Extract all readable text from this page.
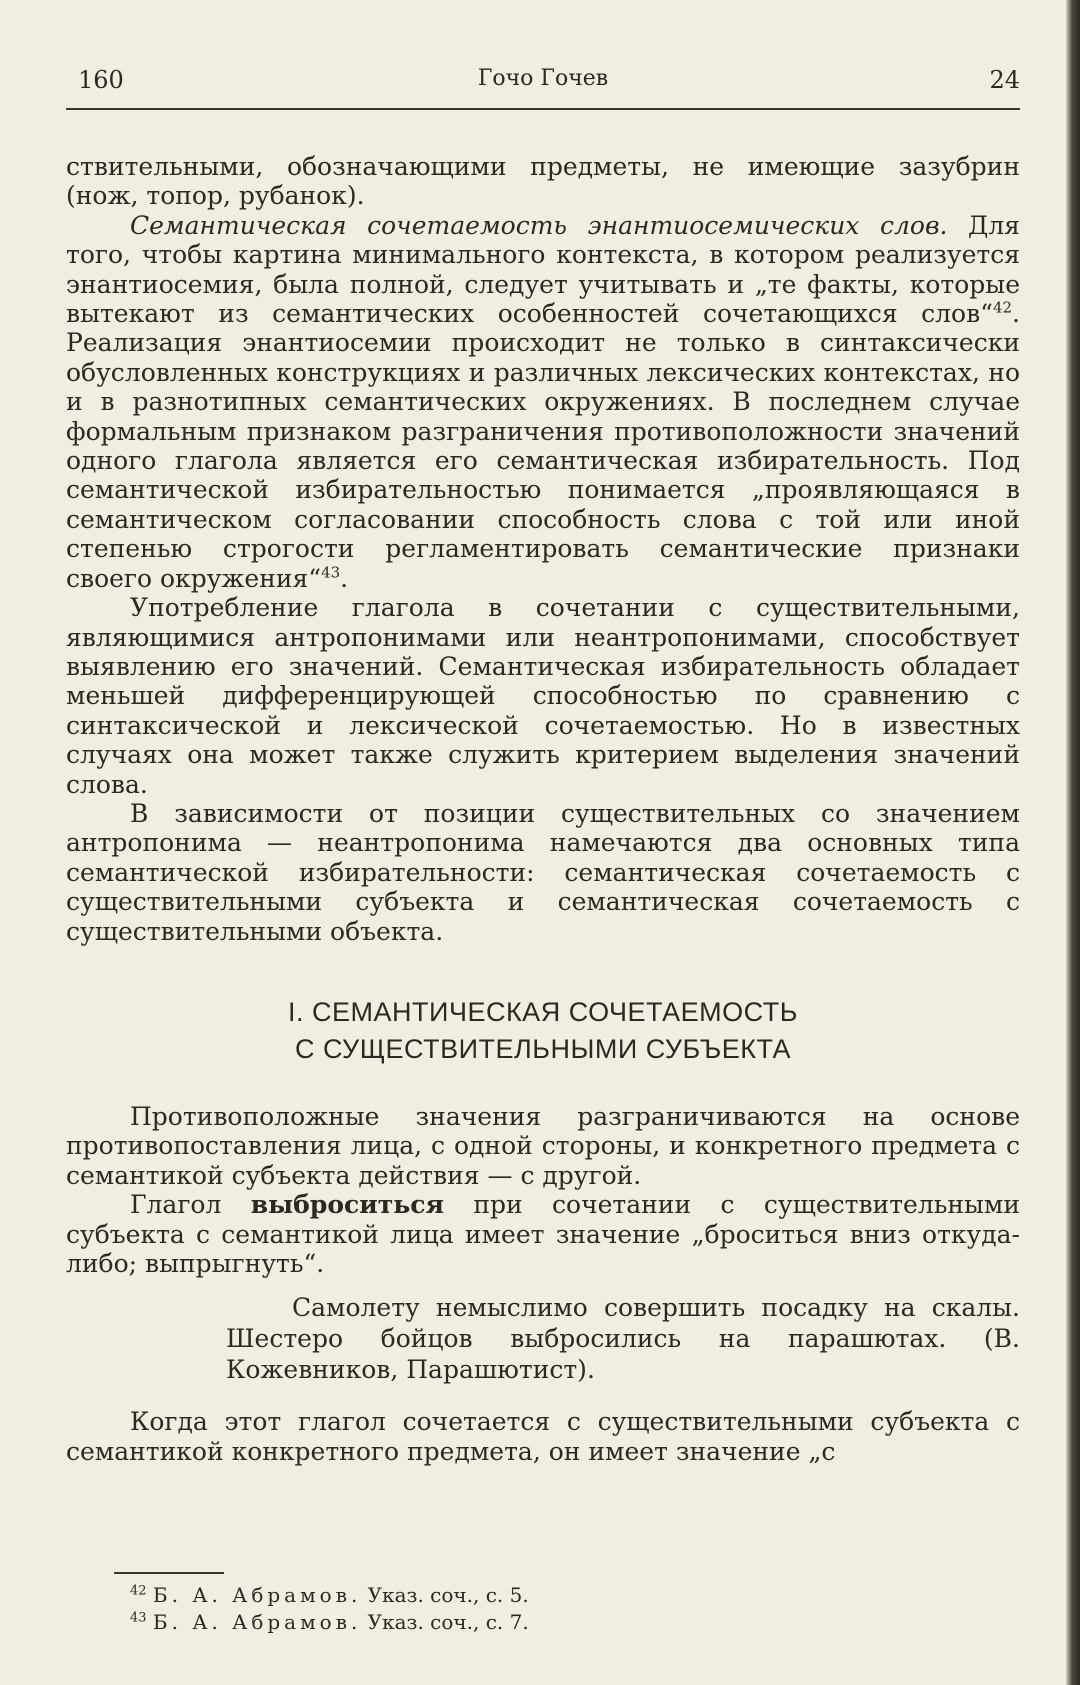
160	Гочо Гочев	24

ствительными, обозначающими предметы, не имеющие зазубрин (нож, топор, рубанок).

Семантическая сочетаемость энантиосемических слов. Для того, чтобы картина минимального контекста, в котором реализуется энантиосемия, была полной, следует учитывать и „те факты, которые вытекают из семантических особенностей сочетающихся слов“$^{42}$. Реализация энантиосемии происходит не только в синтаксически обусловленных конструкциях и различных лексических контекстах, но и в разнотипных семантических окружениях. В последнем случае формальным признаком разграничения противоположности значений одного глагола является его семантическая избирательность. Под семантической избирательностью понимается „проявляющаяся в семантическом согласовании способность слова с той или иной степенью строгости регламентировать семантические признаки своего окружения“$^{43}$.

Употребление глагола в сочетании с существительными, являющимися антропонимами или неантропонимами, способствует выявлению его значений. Семантическая избирательность обладает меньшей дифференцирующей способностью по сравнению с синтаксической и лексической сочетаемостью. Но в известных случаях она может также служить критерием выделения значений слова.

В зависимости от позиции существительных со значением антропонима — неантропонима намечаются два основных типа семантической избирательности: семантическая сочетаемость с существительными субъекта и семантическая сочетаемость с существительными объекта.

I. СЕМАНТИЧЕСКАЯ СОЧЕТАЕМОСТЬ
С СУЩЕСТВИТЕЛЬНЫМИ СУБЪЕКТА

Противоположные значения разграничиваются на основе противопоставления лица, с одной стороны, и конкретного предмета с семантикой субъекта действия — с другой.

Глагол выброситься при сочетании с существительными субъекта с семантикой лица имеет значение „броситься вниз откуда-либо; выпрыгнуть“.

Самолету немыслимо совершить посадку на скалы. Шестеро бойцов выбросились на парашютах. (В. Кожевников, Парашютист).

Когда этот глагол сочетается с существительными субъекта с семантикой конкретного предмета, он имеет значение „с

$^{42}$ Б. А. Абрамов. Указ. соч., с. 5.
$^{43}$ Б. А. Абрамов. Указ. соч., с. 7.
